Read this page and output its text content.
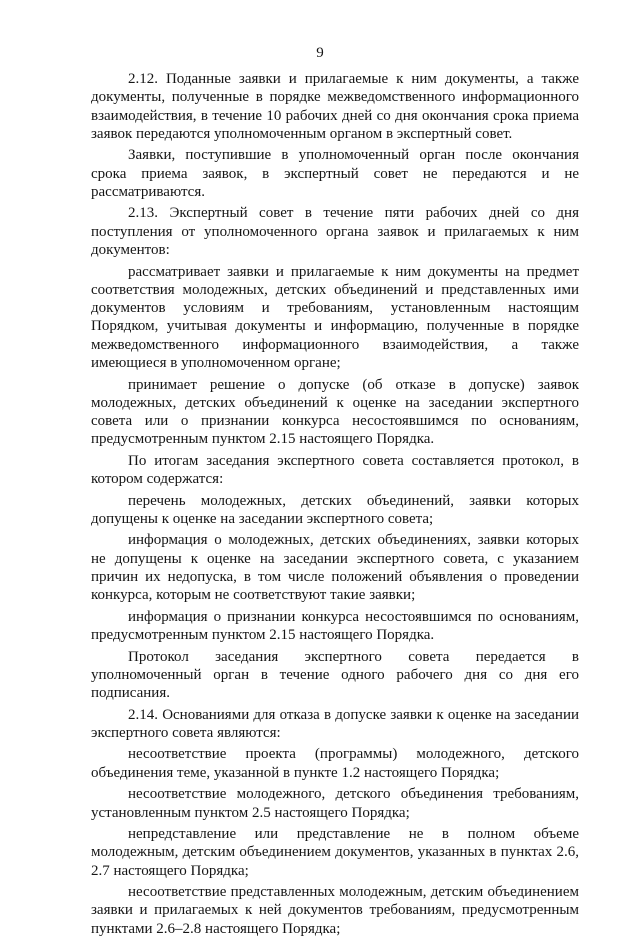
9

2.12. Поданные заявки и прилагаемые к ним документы, а также документы, полученные в порядке межведомственного информационного взаимодействия, в течение 10 рабочих дней со дня окончания срока приема заявок передаются уполномоченным органом в экспертный совет.

Заявки, поступившие в уполномоченный орган после окончания срока приема заявок, в экспертный совет не передаются и не рассматриваются.

2.13. Экспертный совет в течение пяти рабочих дней со дня поступления от уполномоченного органа заявок и прилагаемых к ним документов:

рассматривает заявки и прилагаемые к ним документы на предмет соответствия молодежных, детских объединений и представленных ими документов условиям и требованиям, установленным настоящим Порядком, учитывая документы и информацию, полученные в порядке межведомственного информационного взаимодействия, а также имеющиеся в уполномоченном органе;

принимает решение о допуске (об отказе в допуске) заявок молодежных, детских объединений к оценке на заседании экспертного совета или о признании конкурса несостоявшимся по основаниям, предусмотренным пунктом 2.15 настоящего Порядка.

По итогам заседания экспертного совета составляется протокол, в котором содержатся:

перечень молодежных, детских объединений, заявки которых допущены к оценке на заседании экспертного совета;

информация о молодежных, детских объединениях, заявки которых не допущены к оценке на заседании экспертного совета, с указанием причин их недопуска, в том числе положений объявления о проведении конкурса, которым не соответствуют такие заявки;

информация о признании конкурса несостоявшимся по основаниям, предусмотренным пунктом 2.15 настоящего Порядка.

Протокол заседания экспертного совета передается в уполномоченный орган в течение одного рабочего дня со дня его подписания.

2.14. Основаниями для отказа в допуске заявки к оценке на заседании экспертного совета являются:

несоответствие проекта (программы) молодежного, детского объединения теме, указанной в пункте 1.2 настоящего Порядка;

несоответствие молодежного, детского объединения требованиям, установленным пунктом 2.5 настоящего Порядка;

непредставление или представление не в полном объеме молодежным, детским объединением документов, указанных в пунктах 2.6, 2.7 настоящего Порядка;

несоответствие представленных молодежным, детским объединением заявки и прилагаемых к ней документов требованиям, предусмотренным пунктами 2.6–2.8 настоящего Порядка;
